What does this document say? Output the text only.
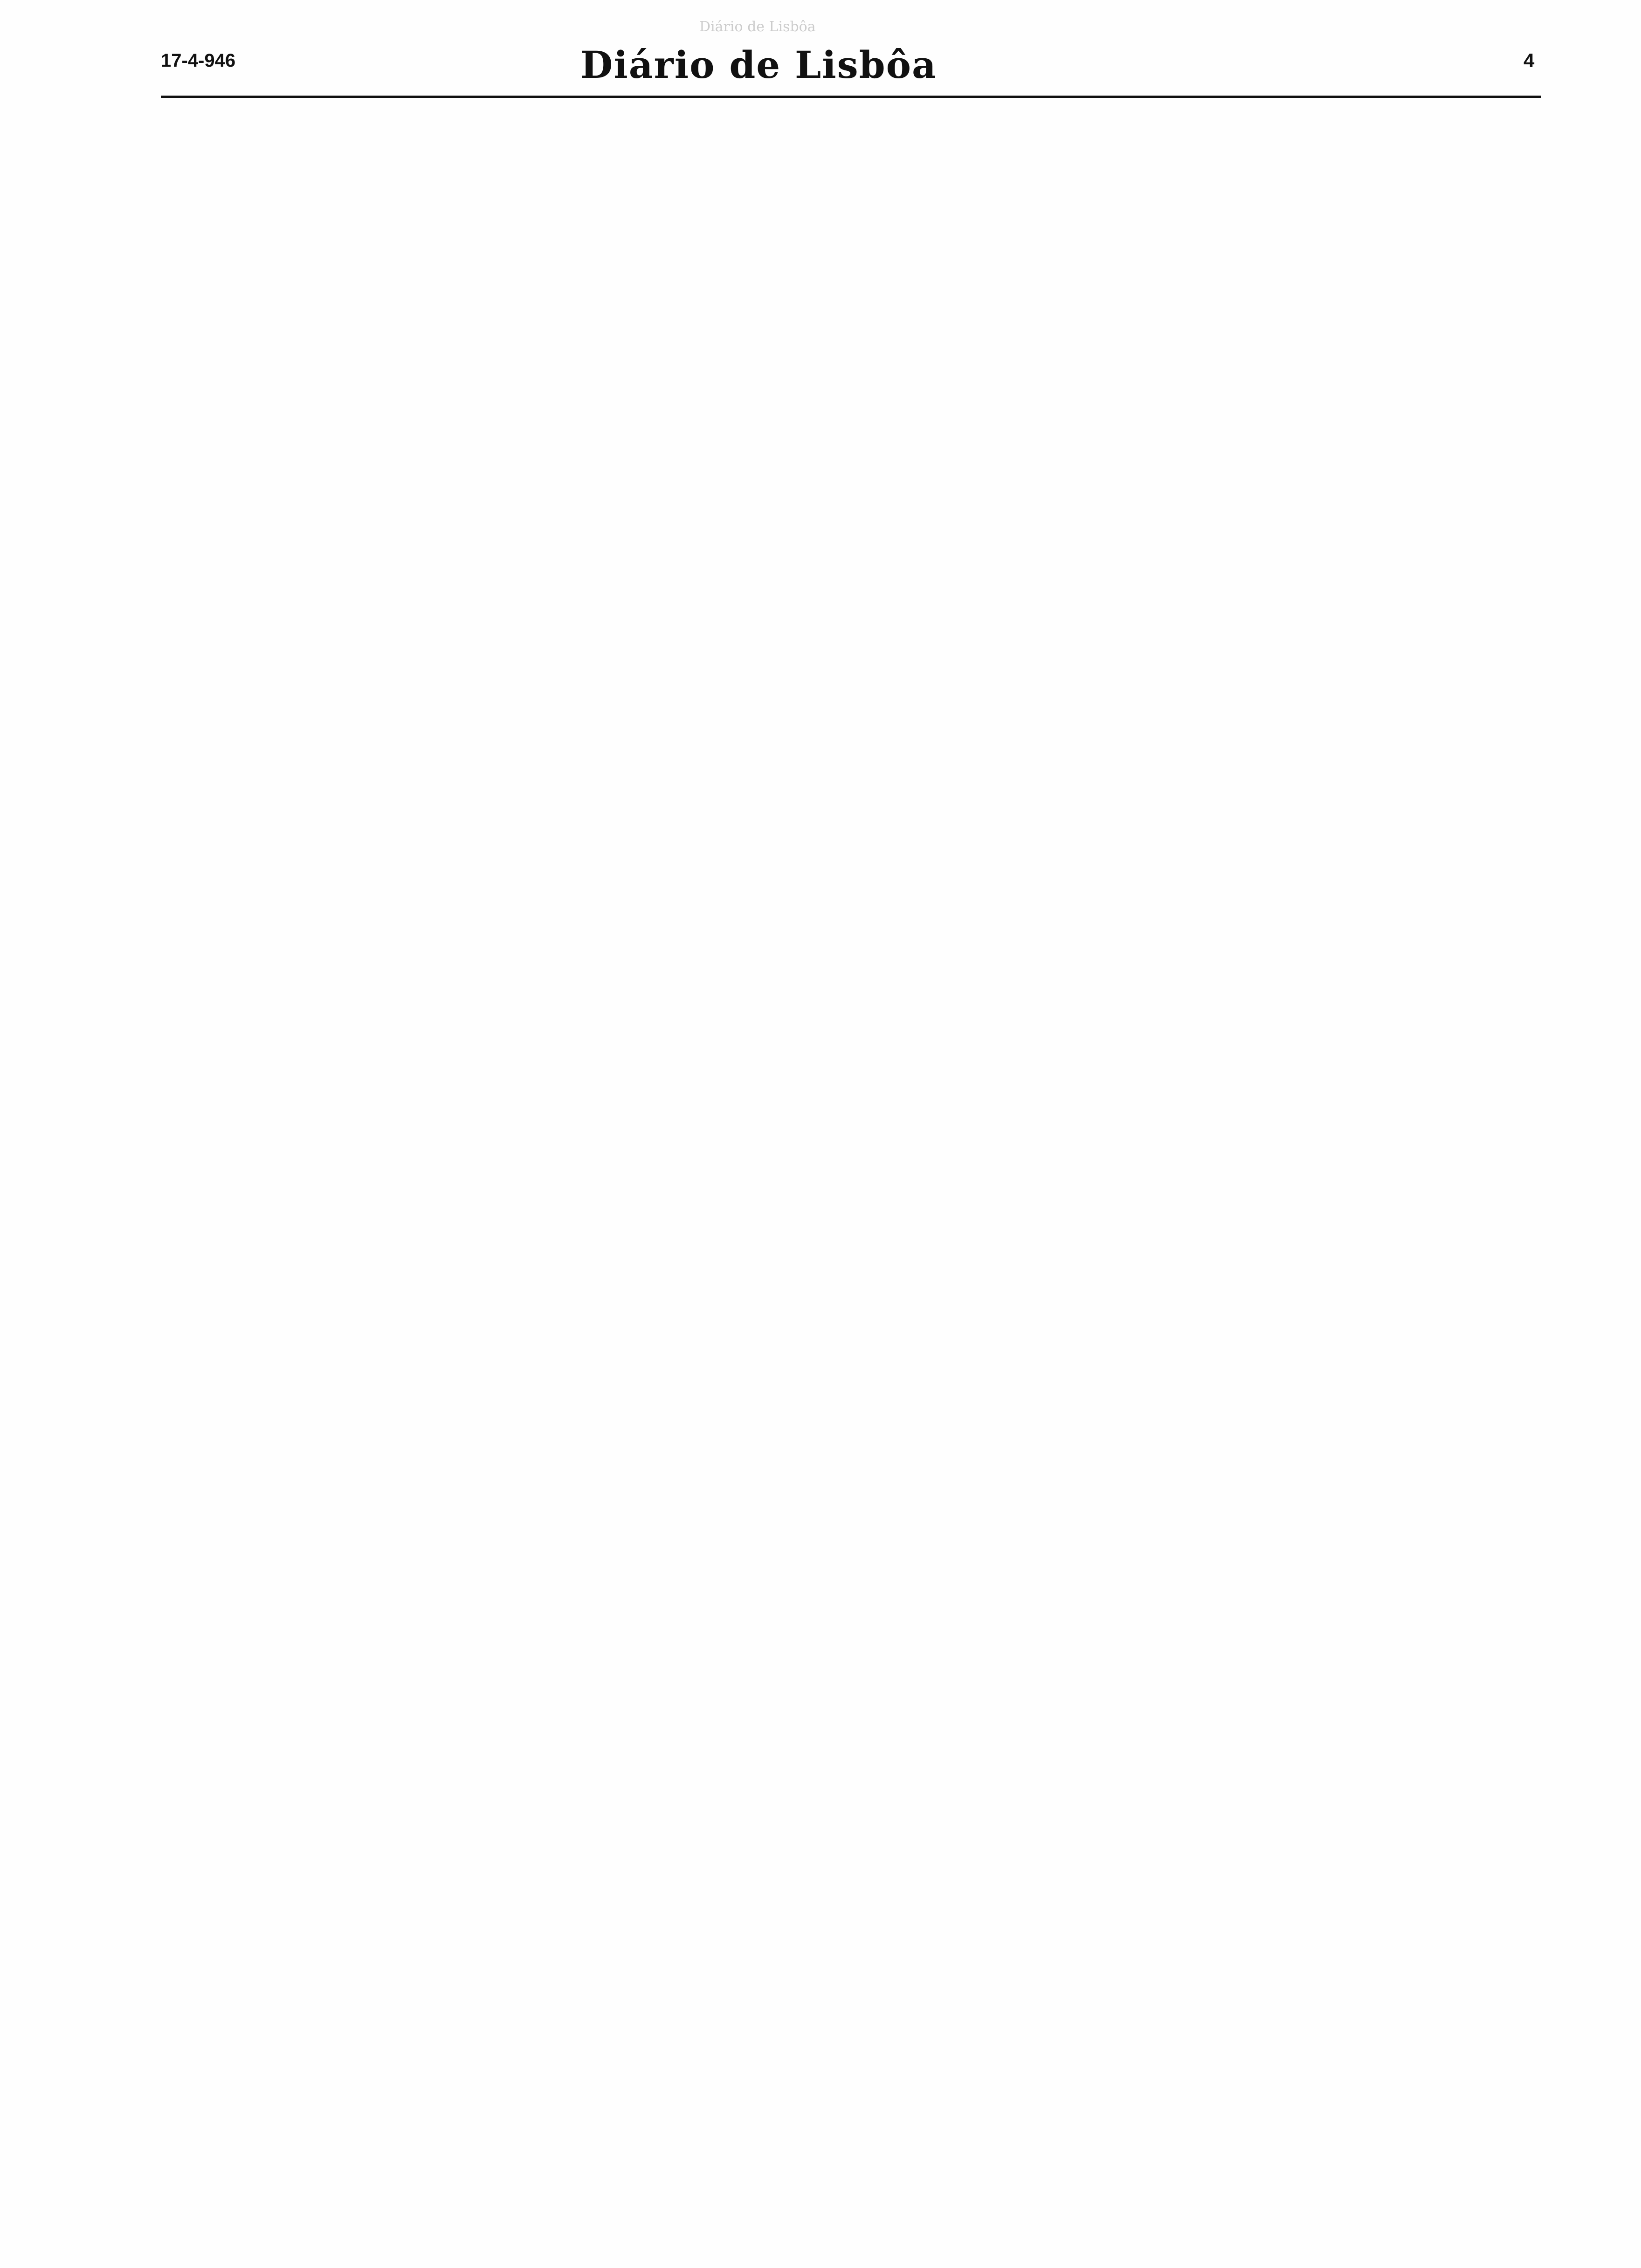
Diário de Lisbôa
17-4-946	Diário de Lisbôa	4
